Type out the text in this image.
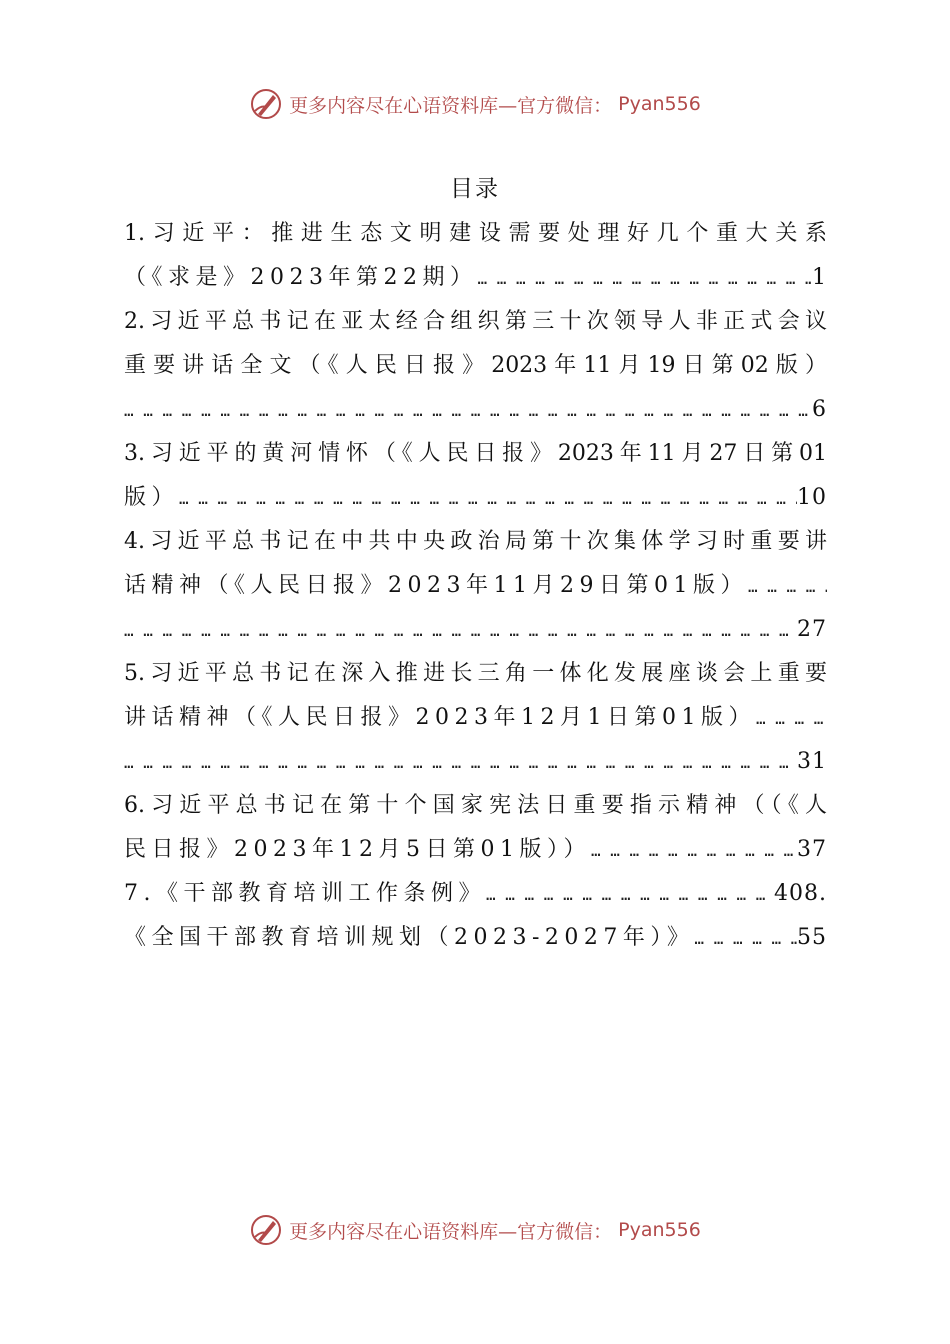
更多内容尽在心语资料库—官方微信： Pyan556
目录
1.习近平：推进生态文明建设需要处理好几个重大关系
（《求是》2023年第22期） … … … … … … … … … … … … … … … … … … … … … … … … … … … … … … … … … … … … … … … … … … … … …	1
2.习近平总书记在亚太经合组织第三十次领导人非正式会议
重要讲话全文（《人民日报》2023年11月19日第02版）
… … … … … … … … … … … … … … … … … … … … … … … … … … … … … … … … … … … … … … … … … … … … …
6
3.习近平的黄河情怀（《人民日报》2023年11月27日第01
版） … … … … … … … … … … … … … … … … … … … … … … … … … … … … … … … … … … … … … … … … … … … … …	10
4.习近平总书记在中共中央政治局第十次集体学习时重要讲
话精神（《人民日报》2023年11月29日第01版）
… … … … … … … … … … … … … … … … … … … … … … … … … … … … … … … … … … … … … … … … … … … … …
… … … … … … … … … … … … … … … … … … … … … … … … … … … … … … … … … … … … … … … … … … … … …
27
5.习近平总书记在深入推进长三角一体化发展座谈会上重要
讲话精神（《人民日报》2023年12月1日第01版）
… … … … … … … … … … … … … … … … … … … … … … … … … … … … … … … … … … … … … … … … … … … … …
… … … … … … … … … … … … … … … … … … … … … … … … … … … … … … … … … … … … … … … … … … … … …
31
6.习近平总书记在第十个国家宪法日重要指示精神（（《人
民日报》2023年12月5日第01版）） … … … … … … … … … … … … … … … … … … … … … … … … … … … … … … … … … … … … … … … … … … … … …	37
7.《干部教育培训工作条例》 … … … … … … … … … … … … … … … … … … … … … … … … … … … … … … … … … … … … … … … … … … … … …	408.
《全国干部教育培训规划（2023-2027年）》 … … … … … … … … … … … … … … … … … … … … … … … … … … … … … … … … … … … … … … … … … … … … …	55
更多内容尽在心语资料库—官方微信： Pyan556
